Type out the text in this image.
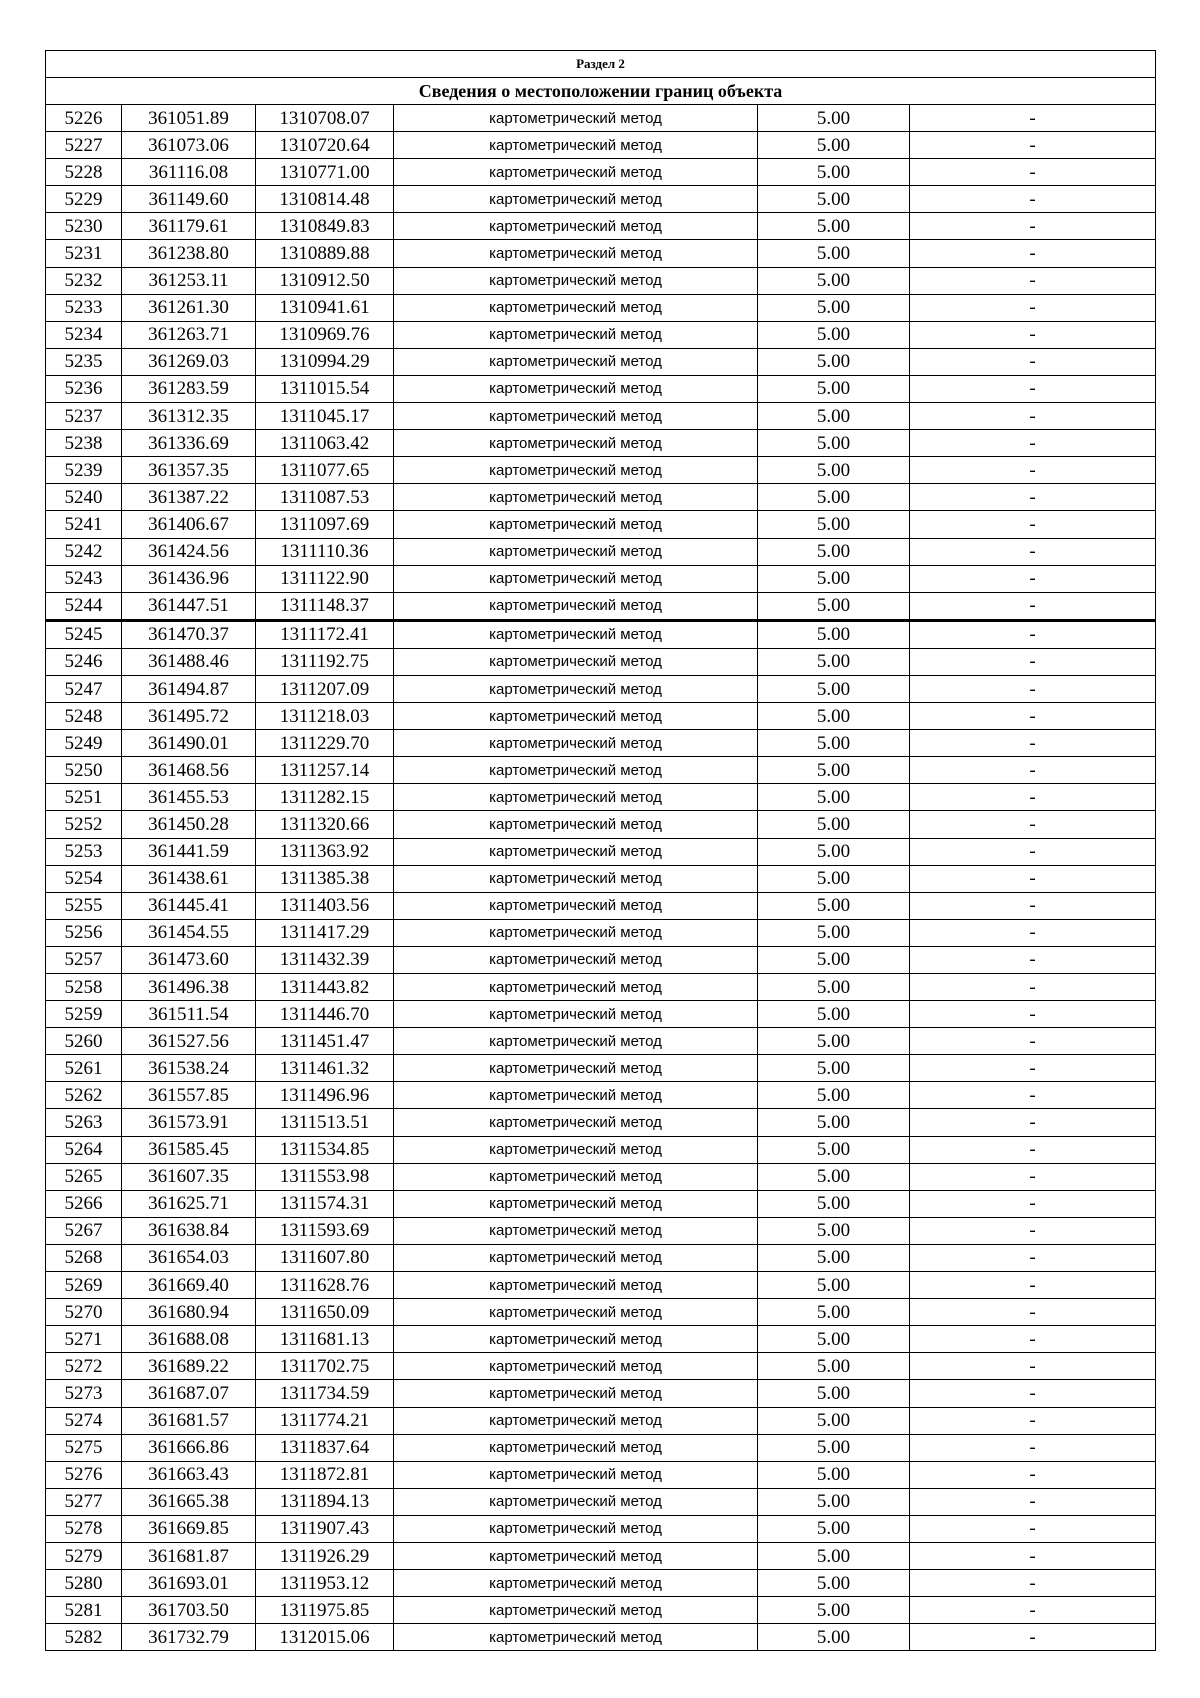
Раздел 2					
Сведения о местоположении границ объекта					
5226	361051.89	1310708.07	картометрический метод	5.00	-
5227	361073.06	1310720.64	картометрический метод	5.00	-
5228	361116.08	1310771.00	картометрический метод	5.00	-
5229	361149.60	1310814.48	картометрический метод	5.00	-
5230	361179.61	1310849.83	картометрический метод	5.00	-
5231	361238.80	1310889.88	картометрический метод	5.00	-
5232	361253.11	1310912.50	картометрический метод	5.00	-
5233	361261.30	1310941.61	картометрический метод	5.00	-
5234	361263.71	1310969.76	картометрический метод	5.00	-
5235	361269.03	1310994.29	картометрический метод	5.00	-
5236	361283.59	1311015.54	картометрический метод	5.00	-
5237	361312.35	1311045.17	картометрический метод	5.00	-
5238	361336.69	1311063.42	картометрический метод	5.00	-
5239	361357.35	1311077.65	картометрический метод	5.00	-
5240	361387.22	1311087.53	картометрический метод	5.00	-
5241	361406.67	1311097.69	картометрический метод	5.00	-
5242	361424.56	1311110.36	картометрический метод	5.00	-
5243	361436.96	1311122.90	картометрический метод	5.00	-
5244	361447.51	1311148.37	картометрический метод	5.00	-
5245	361470.37	1311172.41	картометрический метод	5.00	-
5246	361488.46	1311192.75	картометрический метод	5.00	-
5247	361494.87	1311207.09	картометрический метод	5.00	-
5248	361495.72	1311218.03	картометрический метод	5.00	-
5249	361490.01	1311229.70	картометрический метод	5.00	-
5250	361468.56	1311257.14	картометрический метод	5.00	-
5251	361455.53	1311282.15	картометрический метод	5.00	-
5252	361450.28	1311320.66	картометрический метод	5.00	-
5253	361441.59	1311363.92	картометрический метод	5.00	-
5254	361438.61	1311385.38	картометрический метод	5.00	-
5255	361445.41	1311403.56	картометрический метод	5.00	-
5256	361454.55	1311417.29	картометрический метод	5.00	-
5257	361473.60	1311432.39	картометрический метод	5.00	-
5258	361496.38	1311443.82	картометрический метод	5.00	-
5259	361511.54	1311446.70	картометрический метод	5.00	-
5260	361527.56	1311451.47	картометрический метод	5.00	-
5261	361538.24	1311461.32	картометрический метод	5.00	-
5262	361557.85	1311496.96	картометрический метод	5.00	-
5263	361573.91	1311513.51	картометрический метод	5.00	-
5264	361585.45	1311534.85	картометрический метод	5.00	-
5265	361607.35	1311553.98	картометрический метод	5.00	-
5266	361625.71	1311574.31	картометрический метод	5.00	-
5267	361638.84	1311593.69	картометрический метод	5.00	-
5268	361654.03	1311607.80	картометрический метод	5.00	-
5269	361669.40	1311628.76	картометрический метод	5.00	-
5270	361680.94	1311650.09	картометрический метод	5.00	-
5271	361688.08	1311681.13	картометрический метод	5.00	-
5272	361689.22	1311702.75	картометрический метод	5.00	-
5273	361687.07	1311734.59	картометрический метод	5.00	-
5274	361681.57	1311774.21	картометрический метод	5.00	-
5275	361666.86	1311837.64	картометрический метод	5.00	-
5276	361663.43	1311872.81	картометрический метод	5.00	-
5277	361665.38	1311894.13	картометрический метод	5.00	-
5278	361669.85	1311907.43	картометрический метод	5.00	-
5279	361681.87	1311926.29	картометрический метод	5.00	-
5280	361693.01	1311953.12	картометрический метод	5.00	-
5281	361703.50	1311975.85	картометрический метод	5.00	-
5282	361732.79	1312015.06	картометрический метод	5.00	-
